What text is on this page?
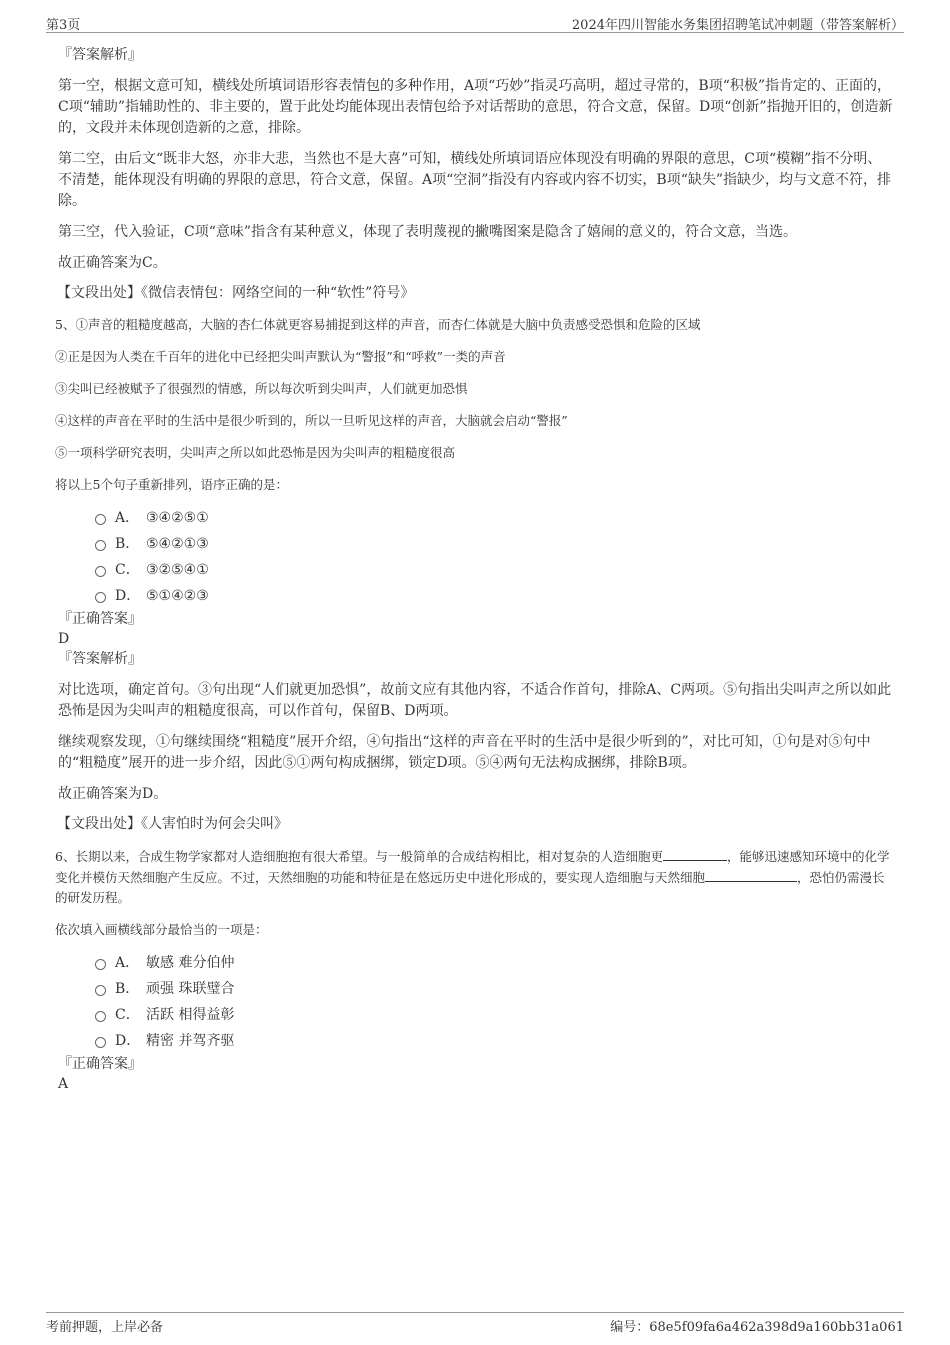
第3页	2024年四川智能水务集团招聘笔试冲刺题（带答案解析）
『答案解析』
第一空，根据文意可知，横线处所填词语形容表情包的多种作用，A项“巧妙”指灵巧高明，超过寻常的，B项“积极”指肯定的、正面的，C项“辅助”指辅助性的、非主要的，置于此处均能体现出表情包给予对话帮助的意思，符合文意，保留。D项“创新”指抛开旧的，创造新的，文段并未体现创造新的之意，排除。
第二空，由后文“既非大怒，亦非大悲，当然也不是大喜”可知，横线处所填词语应体现没有明确的界限的意思，C项“模糊”指不分明、不清楚，能体现没有明确的界限的意思，符合文意，保留。A项“空洞”指没有内容或内容不切实，B项“缺失”指缺少，均与文意不符，排除。
第三空，代入验证，C项“意味”指含有某种意义，体现了表明蔑视的撇嘴图案是隐含了嬉闹的意义的，符合文意，当选。
故正确答案为C。
【文段出处】《微信表情包：网络空间的一种“软性”符号》
5、①声音的粗糙度越高，大脑的杏仁体就更容易捕捉到这样的声音，而杏仁体就是大脑中负责感受恐惧和危险的区域
②正是因为人类在千百年的进化中已经把尖叫声默认为“警报”和“呼救”一类的声音
③尖叫已经被赋予了很强烈的情感，所以每次听到尖叫声，人们就更加恐惧
④这样的声音在平时的生活中是很少听到的，所以一旦听见这样的声音，大脑就会启动“警报”
⑤一项科学研究表明，尖叫声之所以如此恐怖是因为尖叫声的粗糙度很高
将以上5个句子重新排列，语序正确的是：
A． ③④②⑤①
B． ⑤④②①③
C． ③②⑤④①
D． ⑤①④②③
『正确答案』
D
『答案解析』
对比选项，确定首句。③句出现“人们就更加恐惧”，故前文应有其他内容，不适合作首句，排除A、C两项。⑤句指出尖叫声之所以如此恐怖是因为尖叫声的粗糙度很高，可以作首句，保留B、D两项。
继续观察发现，①句继续围绕“粗糙度”展开介绍，④句指出“这样的声音在平时的生活中是很少听到的”，对比可知，①句是对⑤句中的“粗糙度”展开的进一步介绍，因此⑤①两句构成捆绑，锁定D项。⑤④两句无法构成捆绑，排除B项。
故正确答案为D。
【文段出处】《人害怕时为何会尖叫》
6、长期以来，合成生物学家都对人造细胞抱有很大希望。与一般简单的合成结构相比，相对复杂的人造细胞更	，能够迅速感知环境中的化学变化并模仿天然细胞产生反应。不过，天然细胞的功能和特征是在悠远历史中进化形成的，要实现人造细胞与天然细胞	，恐怕仍需漫长的研发历程。
依次填入画横线部分最恰当的一项是：
A． 敏感 难分伯仲
B． 顽强 珠联璧合
C． 活跃 相得益彰
D． 精密 并驾齐驱
『正确答案』
A
考前押题，上岸必备	编号：68e5f09fa6a462a398d9a160bb31a061
